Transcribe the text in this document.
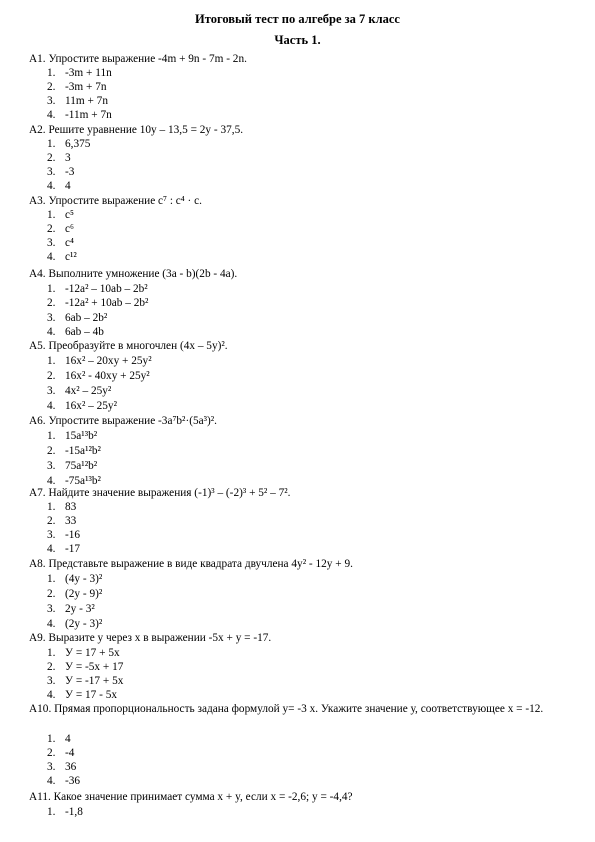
Итоговый тест по алгебре за 7 класс
Часть 1.
A1. Упростите выражение -4m + 9n - 7m - 2n.
1. -3m + 11n
2. -3m + 7n
3. 11m + 7n
4. -11m + 7n
A2. Решите уравнение 10y – 13,5 = 2y - 37,5.
1. 6,375
2. 3
3. -3
4. 4
A3. Упростите выражение c⁷ : c⁴ · c.
1. c⁵
2. c⁶
3. c⁴
4. c¹²
A4. Выполните умножение (3a - b)(2b - 4a).
1. -12a² – 10ab – 2b²
2. -12a² + 10ab – 2b²
3. 6ab – 2b²
4. 6ab – 4b
A5. Преобразуйте в многочлен (4x – 5y)².
1. 16x² – 20xy + 25y²
2. 16x² - 40xy + 25y²
3. 4x² – 25y²
4. 16x² – 25y²
A6. Упростите выражение -3a⁷b²·(5a³)².
1. 15a¹³b²
2. -15a¹²b²
3. 75a¹²b²
4. -75a¹³b²
A7. Найдите значение выражения (-1)³ – (-2)³ + 5² – 7².
1. 83
2. 33
3. -16
4. -17
A8. Представьте выражение в виде квадрата двучлена 4y² - 12y + 9.
1. (4y - 3)²
2. (2y - 9)²
3. 2y - 3²
4. (2y - 3)²
A9. Выразите у через х в выражении -5x + y = -17.
1. У = 17 + 5х
2. У = -5х + 17
3. У = -17 + 5х
4. У = 17 - 5х
A10. Прямая пропорциональность задана формулой y= -3 x. Укажите значение у, соответствующее x = -12.
1. 4
2. -4
3. 36
4. -36
A11. Какое значение принимает сумма x + y, если x = -2,6; y = -4,4?
1. -1,8
